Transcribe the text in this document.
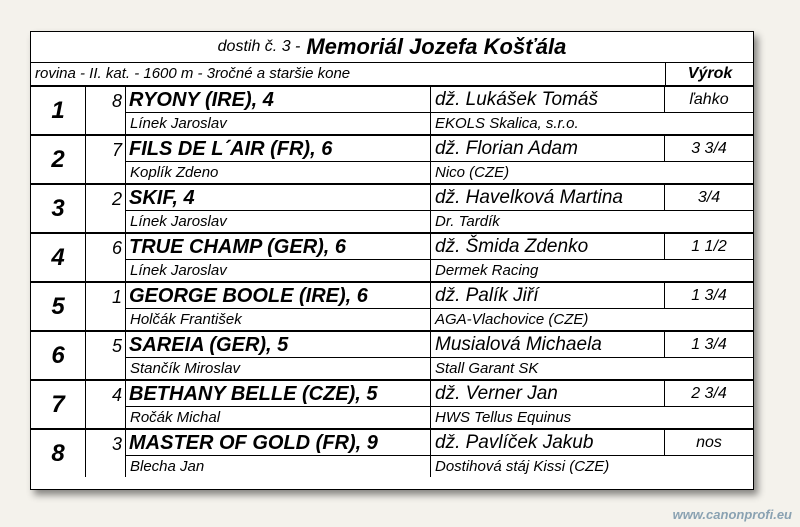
dostih č. 3 - Memoriál Jozefa Košťála
rovina - II. kat. - 1600 m - 3ročné a staršie kone	Výrok
1	8 RYONY (IRE), 4	dž. Lukášek Tomáš	ľahko
Línek Jaroslav	EKOLS Skalica, s.r.o.
2	7 FILS DE L´AIR (FR), 6	dž. Florian Adam	3 3/4
Koplík Zdeno	Nico (CZE)
3	2 SKIF, 4	dž. Havelková Martina	3/4
Línek Jaroslav	Dr. Tardík
4	6 TRUE CHAMP (GER), 6	dž. Šmida Zdenko	1 1/2
Línek Jaroslav	Dermek Racing
5	1 GEORGE BOOLE (IRE), 6	dž. Palík Jiří	1 3/4
Holčák František	AGA-Vlachovice (CZE)
6	5 SAREIA (GER), 5	Musialová Michaela	1 3/4
Stančík Miroslav	Stall Garant SK
7	4 BETHANY BELLE (CZE), 5	dž. Verner Jan	2 3/4
Ročák Michal	HWS Tellus Equinus
8	3 MASTER OF GOLD (FR), 9	dž. Pavlíček Jakub	nos
Blecha Jan	Dostihová stáj Kissi (CZE)
www.canonprofi.eu
